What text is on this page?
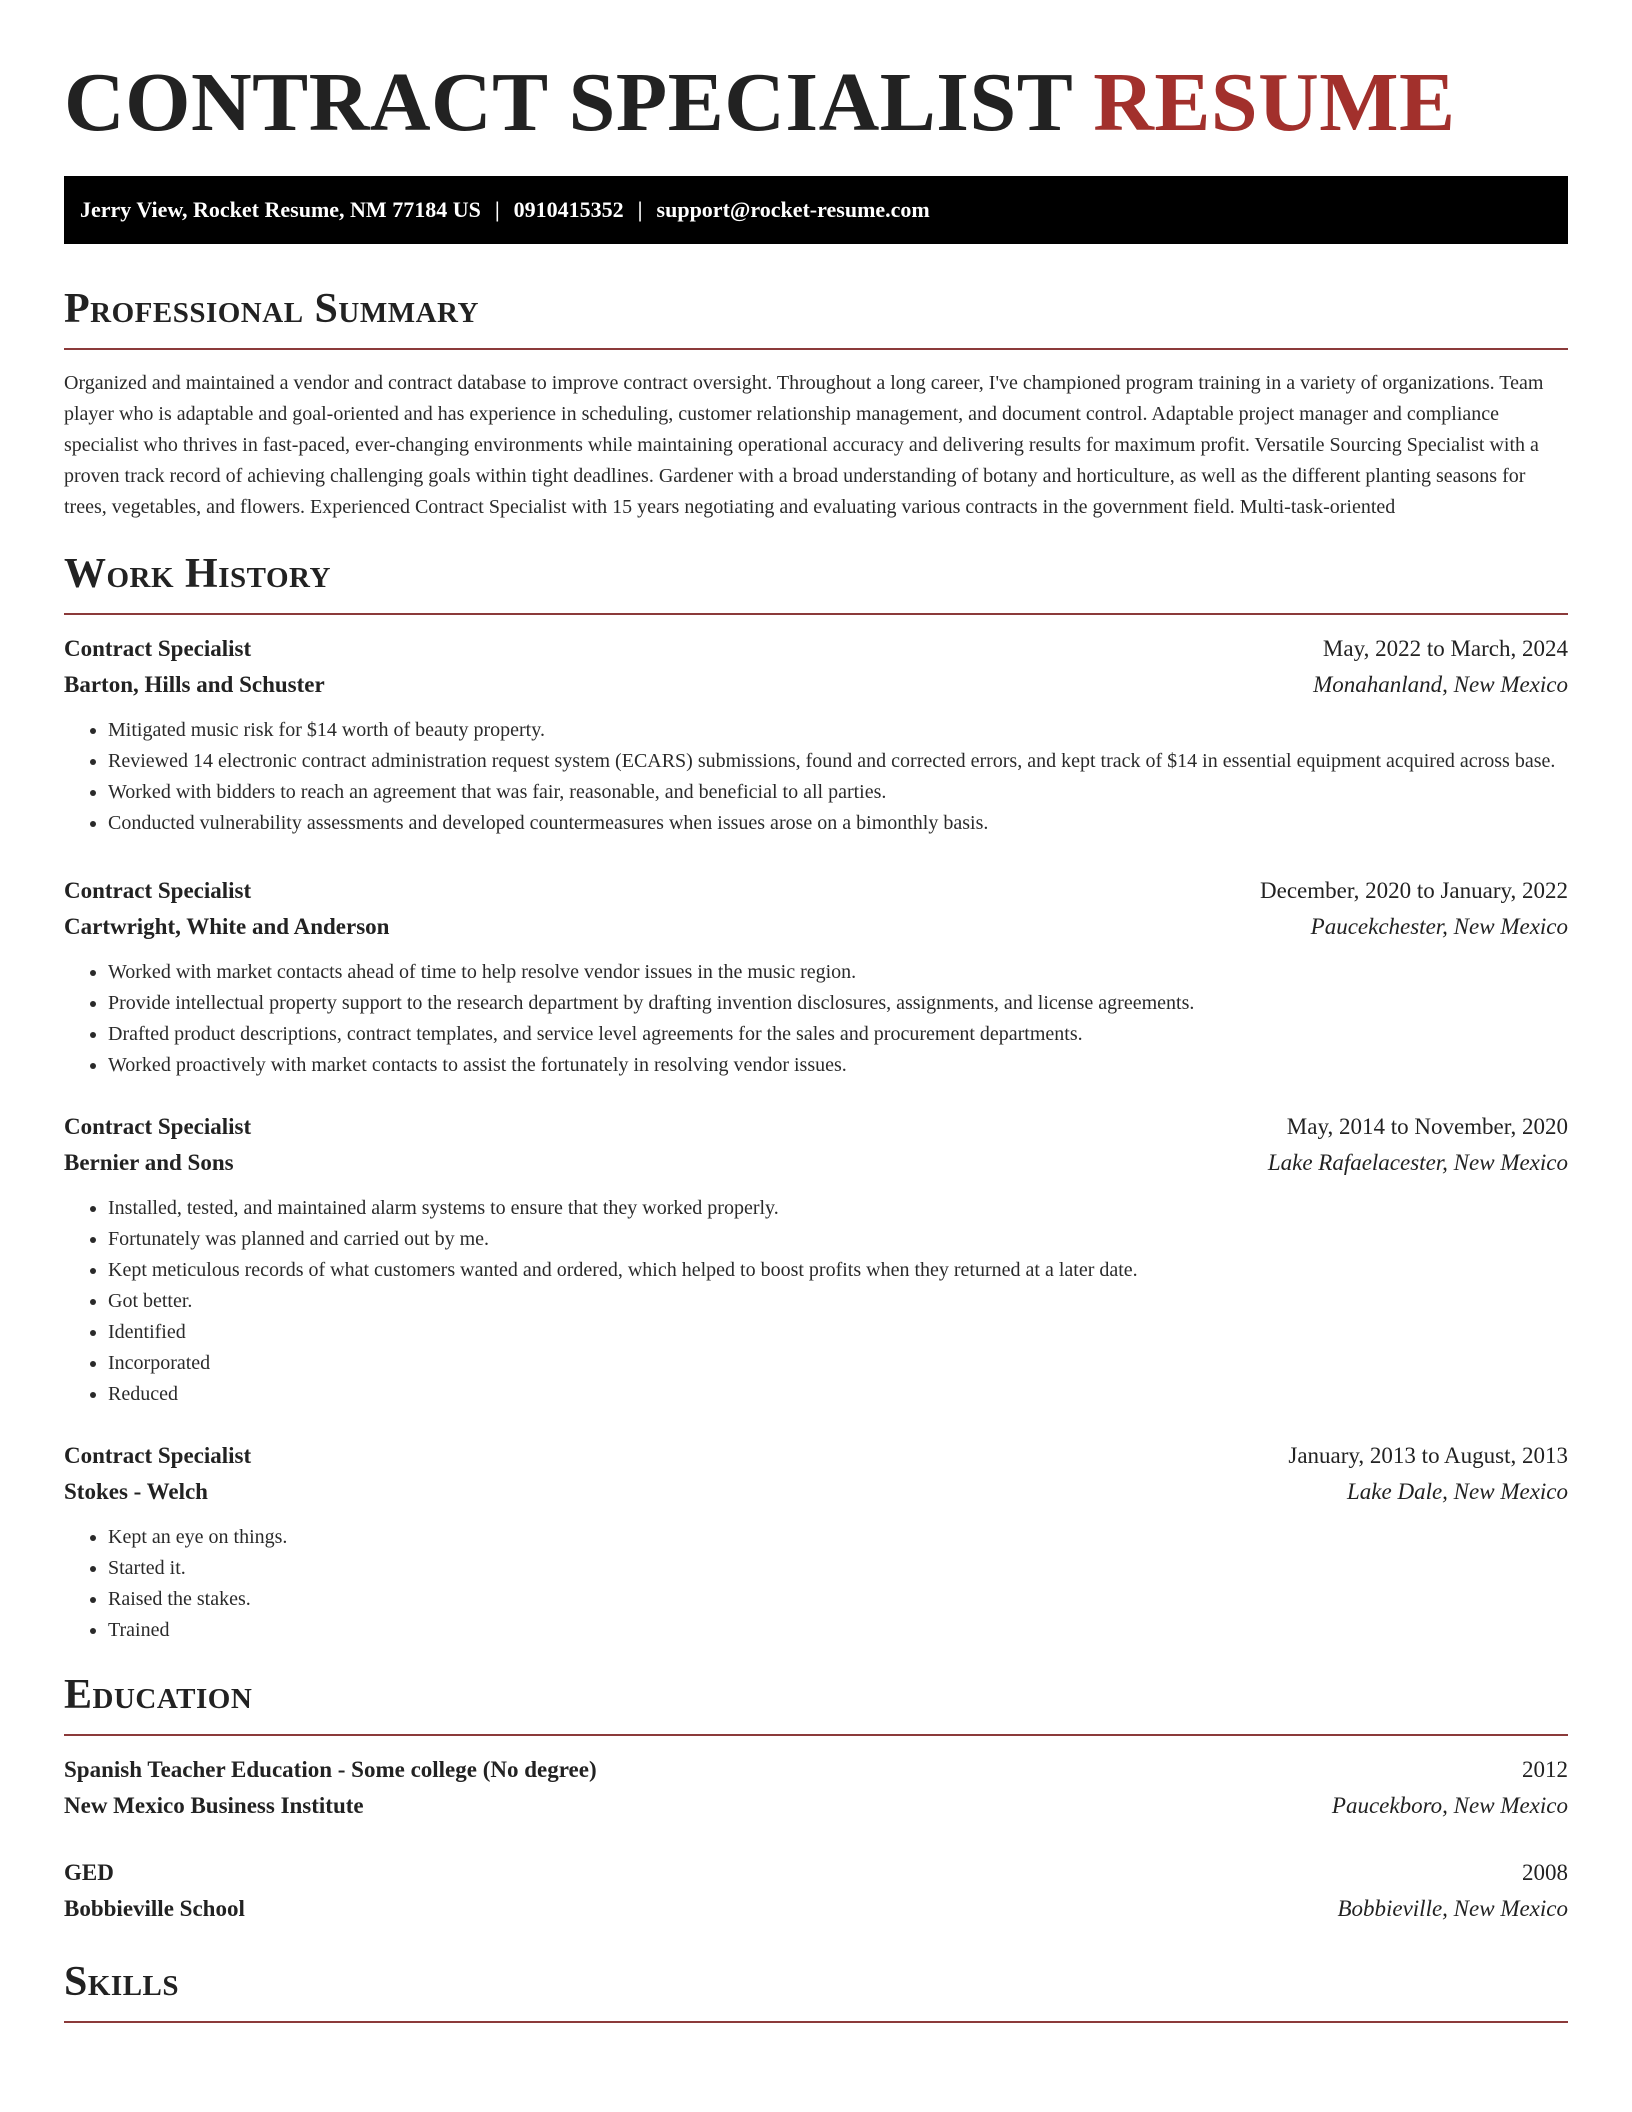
CONTRACT SPECIALIST RESUME
Jerry View, Rocket Resume, NM 77184 US | 0910415352 | support@rocket-resume.com
Professional Summary

Organized and maintained a vendor and contract database to improve contract oversight. Throughout a long career, I've championed program training in a variety of organizations. Team player who is adaptable and goal-oriented and has experience in scheduling, customer relationship management, and document control. Adaptable project manager and compliance specialist who thrives in fast-paced, ever-changing environments while maintaining operational accuracy and delivering results for maximum profit. Versatile Sourcing Specialist with a proven track record of achieving challenging goals within tight deadlines. Gardener with a broad understanding of botany and horticulture, as well as the different planting seasons for trees, vegetables, and flowers. Experienced Contract Specialist with 15 years negotiating and evaluating various contracts in the government field. Multi-task-oriented

Work History
Contract Specialist	May, 2022 to March, 2024
Barton, Hills and Schuster	Monahanland, New Mexico
• Mitigated music risk for $14 worth of beauty property.
• Reviewed 14 electronic contract administration request system (ECARS) submissions, found and corrected errors, and kept track of $14 in essential equipment acquired across base.
• Worked with bidders to reach an agreement that was fair, reasonable, and beneficial to all parties.
• Conducted vulnerability assessments and developed countermeasures when issues arose on a bimonthly basis.
Contract Specialist	December, 2020 to January, 2022
Cartwright, White and Anderson	Paucekchester, New Mexico
• Worked with market contacts ahead of time to help resolve vendor issues in the music region.
• Provide intellectual property support to the research department by drafting invention disclosures, assignments, and license agreements.
• Drafted product descriptions, contract templates, and service level agreements for the sales and procurement departments.
• Worked proactively with market contacts to assist the fortunately in resolving vendor issues.
Contract Specialist	May, 2014 to November, 2020
Bernier and Sons	Lake Rafaelacester, New Mexico
• Installed, tested, and maintained alarm systems to ensure that they worked properly.
• Fortunately was planned and carried out by me.
• Kept meticulous records of what customers wanted and ordered, which helped to boost profits when they returned at a later date.
• Got better.
• Identified
• Incorporated
• Reduced
Contract Specialist	January, 2013 to August, 2013
Stokes - Welch	Lake Dale, New Mexico
• Kept an eye on things.
• Started it.
• Raised the stakes.
• Trained
Education
Spanish Teacher Education - Some college (No degree)	2012
New Mexico Business Institute	Paucekboro, New Mexico
GED	2008
Bobbieville School	Bobbieville, New Mexico
Skills
